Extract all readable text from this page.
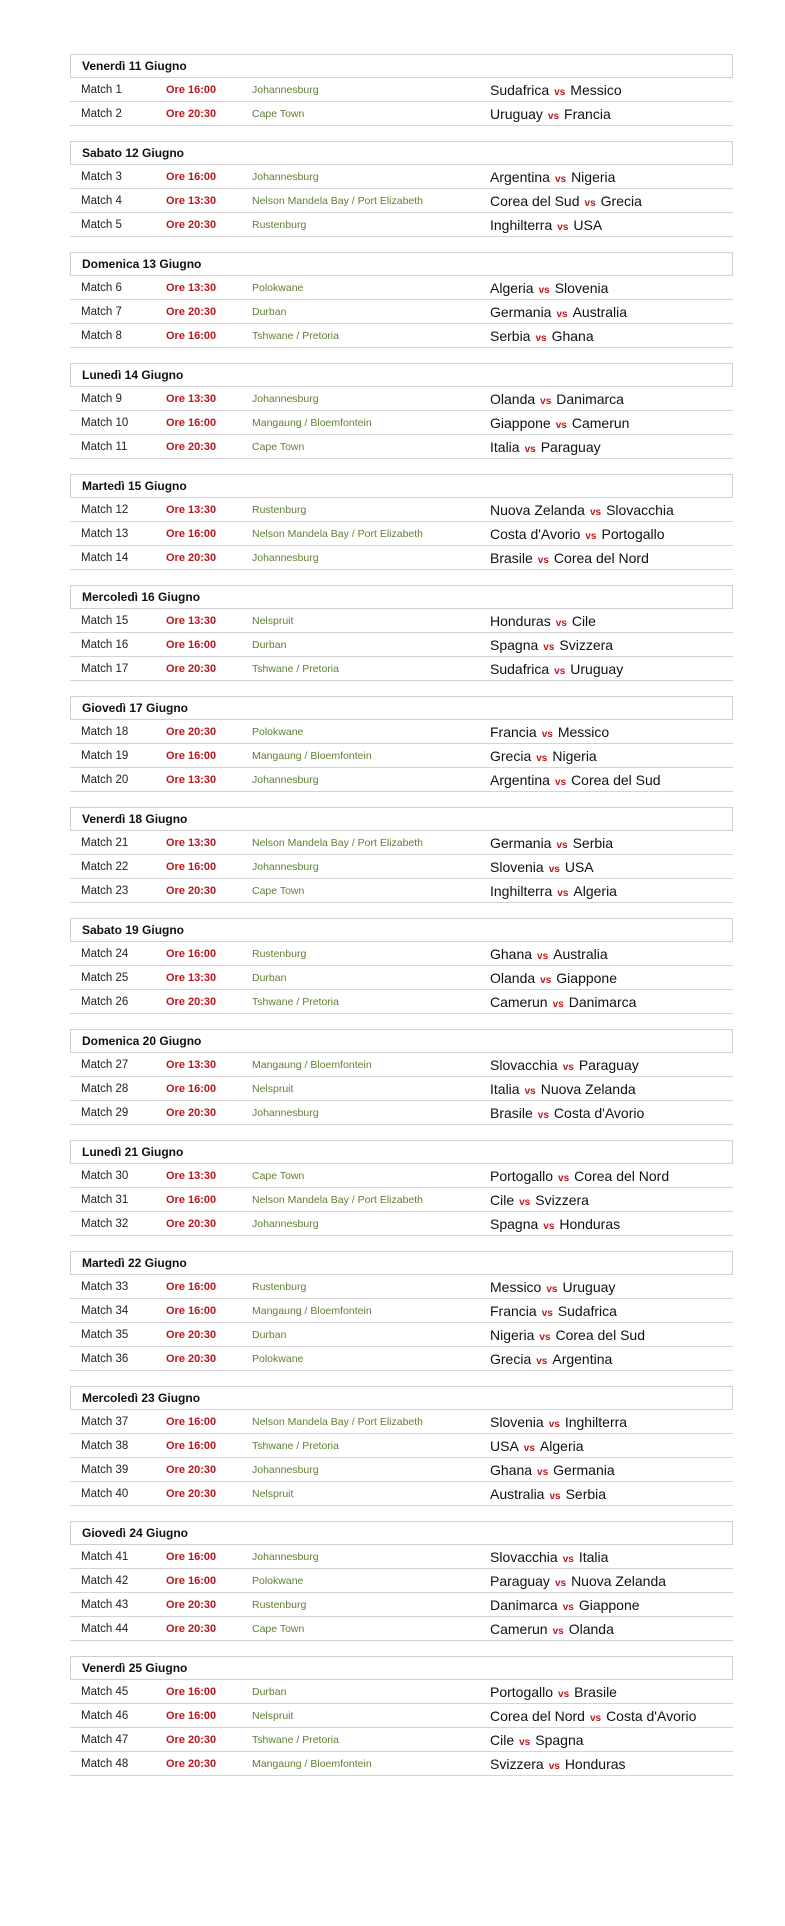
Venerdì 11 Giugno
Match 1	Ore 16:00	Johannesburg	Sudafrica vs Messico
Match 2	Ore 20:30	Cape Town	Uruguay vs Francia
Sabato 12 Giugno
Match 3	Ore 16:00	Johannesburg	Argentina vs Nigeria
Match 4	Ore 13:30	Nelson Mandela Bay / Port Elizabeth	Corea del Sud vs Grecia
Match 5	Ore 20:30	Rustenburg	Inghilterra vs USA
Domenica 13 Giugno
Match 6	Ore 13:30	Polokwane	Algeria vs Slovenia
Match 7	Ore 20:30	Durban	Germania vs Australia
Match 8	Ore 16:00	Tshwane / Pretoria	Serbia vs Ghana
Lunedì 14 Giugno
Match 9	Ore 13:30	Johannesburg	Olanda vs Danimarca
Match 10	Ore 16:00	Mangaung / Bloemfontein	Giappone vs Camerun
Match 11	Ore 20:30	Cape Town	Italia vs Paraguay
Martedì 15 Giugno
Match 12	Ore 13:30	Rustenburg	Nuova Zelanda vs Slovacchia
Match 13	Ore 16:00	Nelson Mandela Bay / Port Elizabeth	Costa d'Avorio vs Portogallo
Match 14	Ore 20:30	Johannesburg	Brasile vs Corea del Nord
Mercoledì 16 Giugno
Match 15	Ore 13:30	Nelspruit	Honduras vs Cile
Match 16	Ore 16:00	Durban	Spagna vs Svizzera
Match 17	Ore 20:30	Tshwane / Pretoria	Sudafrica vs Uruguay
Giovedì 17 Giugno
Match 18	Ore 20:30	Polokwane	Francia vs Messico
Match 19	Ore 16:00	Mangaung / Bloemfontein	Grecia vs Nigeria
Match 20	Ore 13:30	Johannesburg	Argentina vs Corea del Sud
Venerdì 18 Giugno
Match 21	Ore 13:30	Nelson Mandela Bay / Port Elizabeth	Germania vs Serbia
Match 22	Ore 16:00	Johannesburg	Slovenia vs USA
Match 23	Ore 20:30	Cape Town	Inghilterra vs Algeria
Sabato 19 Giugno
Match 24	Ore 16:00	Rustenburg	Ghana vs Australia
Match 25	Ore 13:30	Durban	Olanda vs Giappone
Match 26	Ore 20:30	Tshwane / Pretoria	Camerun vs Danimarca
Domenica 20 Giugno
Match 27	Ore 13:30	Mangaung / Bloemfontein	Slovacchia vs Paraguay
Match 28	Ore 16:00	Nelspruit	Italia vs Nuova Zelanda
Match 29	Ore 20:30	Johannesburg	Brasile vs Costa d'Avorio
Lunedì 21 Giugno
Match 30	Ore 13:30	Cape Town	Portogallo vs Corea del Nord
Match 31	Ore 16:00	Nelson Mandela Bay / Port Elizabeth	Cile vs Svizzera
Match 32	Ore 20:30	Johannesburg	Spagna vs Honduras
Martedì 22 Giugno
Match 33	Ore 16:00	Rustenburg	Messico vs Uruguay
Match 34	Ore 16:00	Mangaung / Bloemfontein	Francia vs Sudafrica
Match 35	Ore 20:30	Durban	Nigeria vs Corea del Sud
Match 36	Ore 20:30	Polokwane	Grecia vs Argentina
Mercoledì 23 Giugno
Match 37	Ore 16:00	Nelson Mandela Bay / Port Elizabeth	Slovenia vs Inghilterra
Match 38	Ore 16:00	Tshwane / Pretoria	USA vs Algeria
Match 39	Ore 20:30	Johannesburg	Ghana vs Germania
Match 40	Ore 20:30	Nelspruit	Australia vs Serbia
Giovedì 24 Giugno
Match 41	Ore 16:00	Johannesburg	Slovacchia vs Italia
Match 42	Ore 16:00	Polokwane	Paraguay vs Nuova Zelanda
Match 43	Ore 20:30	Rustenburg	Danimarca vs Giappone
Match 44	Ore 20:30	Cape Town	Camerun vs Olanda
Venerdì 25 Giugno
Match 45	Ore 16:00	Durban	Portogallo vs Brasile
Match 46	Ore 16:00	Nelspruit	Corea del Nord vs Costa d'Avorio
Match 47	Ore 20:30	Tshwane / Pretoria	Cile vs Spagna
Match 48	Ore 20:30	Mangaung / Bloemfontein	Svizzera vs Honduras
